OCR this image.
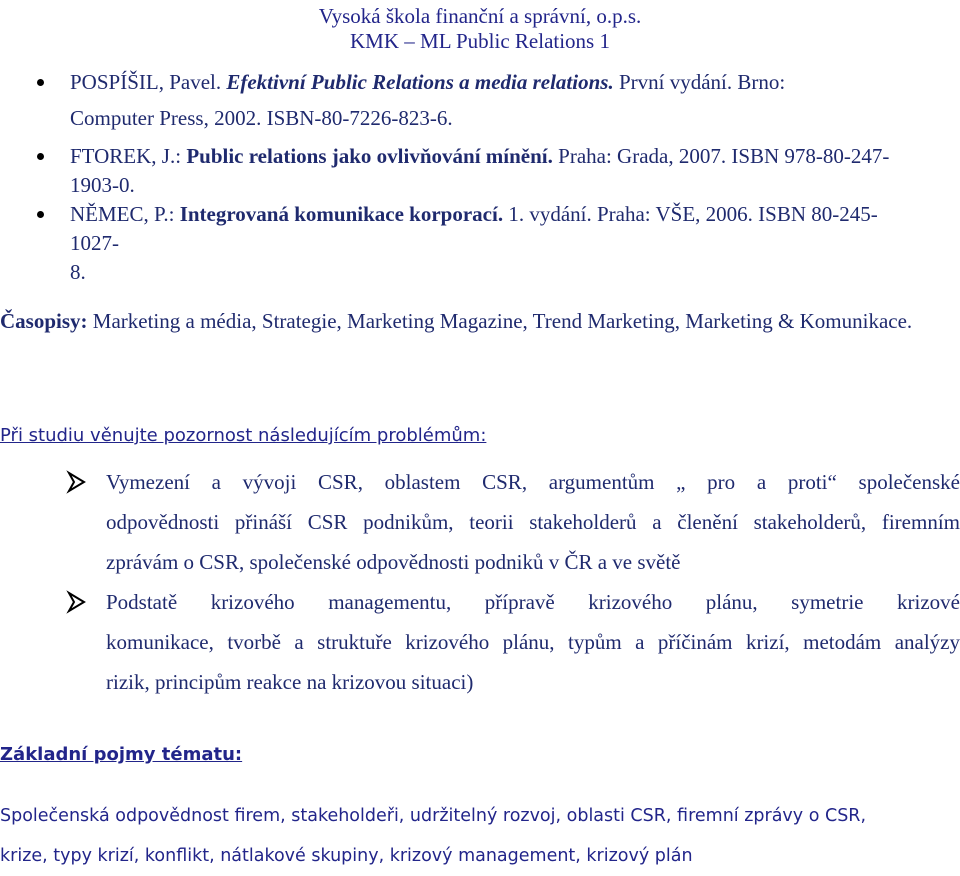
Vysoká škola finanční a správní, o.p.s.
KMK – ML Public Relations 1
POSPÍŠIL, Pavel. Efektivní Public Relations a media relations. První vydání. Brno:
Computer Press, 2002. ISBN-80-7226-823-6.
FTOREK, J.: Public relations jako ovlivňování mínění. Praha: Grada, 2007. ISBN 978-80-247-
1903-0.
NĚMEC, P.: Integrovaná komunikace korporací. 1. vydání. Praha: VŠE, 2006. ISBN 80-245-1027-
8.
Časopisy: Marketing a média, Strategie, Marketing Magazine, Trend Marketing, Marketing & Komunikace.
Při studiu věnujte pozornost následujícím problémům:

Vymezení a vývoji CSR, oblastem CSR, argumentům „ pro a proti“ společenské

odpovědnosti přináší CSR podnikům, teorii stakeholderů a členění stakeholderů, firemním

zprávám o CSR, společenské odpovědnosti podniků v ČR a ve světě

Podstatě krizového managementu, přípravě krizového plánu, symetrie krizové

komunikace, tvorbě a struktuře krizového plánu, typům a příčinám krizí, metodám analýzy

rizik, principům reakce na krizovou situaci)

Základní pojmy tématu:
Společenská odpovědnost firem, stakeholdeři, udržitelný rozvoj, oblasti CSR, firemní zprávy o CSR,
krize, typy krizí, konflikt, nátlakové skupiny, krizový management, krizový plán
